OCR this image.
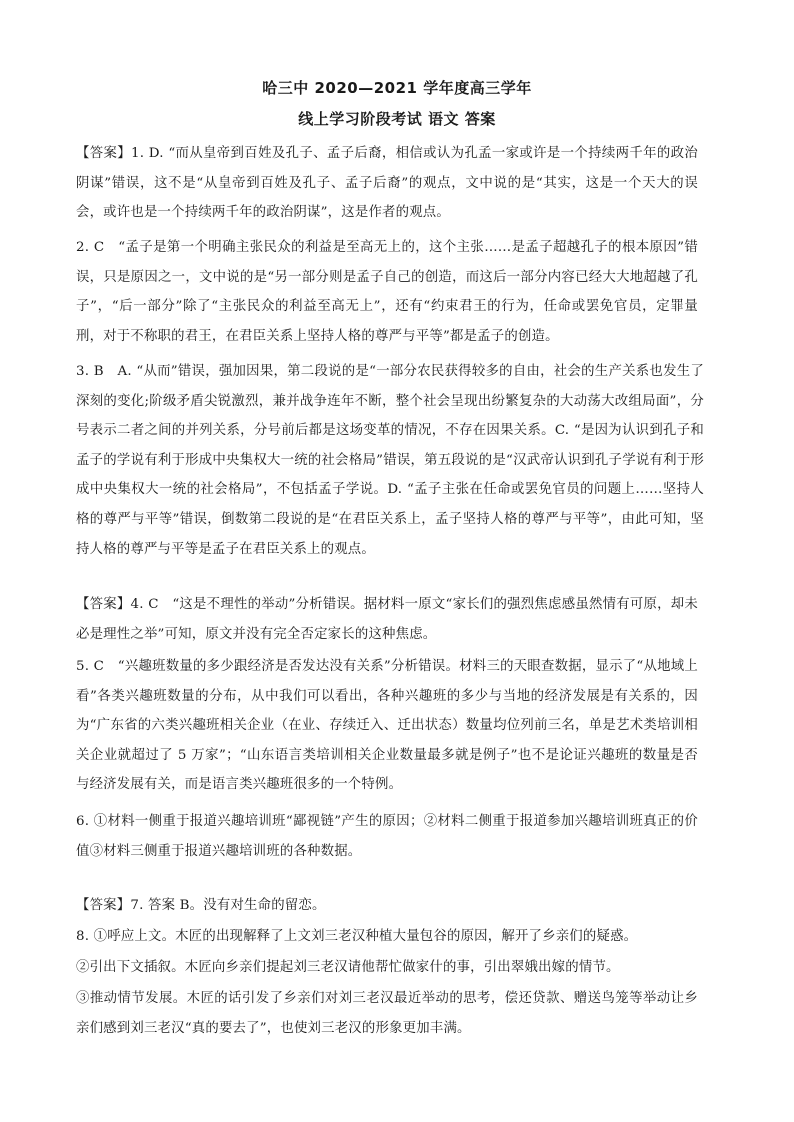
哈三中 2020—2021 学年度高三学年
线上学习阶段考试 语文 答案
【答案】1. D. “而从皇帝到百姓及孔子、孟子后裔，相信或认为孔孟一家或许是一个持续两千年的政治阴谋”错误，这不是“从皇帝到百姓及孔子、孟子后裔”的观点，文中说的是“其实，这是一个天大的误会，或许也是一个持续两千年的政治阴谋”，这是作者的观点。
2. C　“孟子是第一个明确主张民众的利益是至高无上的，这个主张……是孟子超越孔子的根本原因”错误，只是原因之一，文中说的是“另一部分则是孟子自己的创造，而这后一部分内容已经大大地超越了孔子”，“后一部分”除了“主张民众的利益至高无上”，还有“约束君王的行为，任命或罢免官员，定罪量刑，对于不称职的君王，在君臣关系上坚持人格的尊严与平等”都是孟子的创造。
3. B　A. “从而”错误，强加因果，第二段说的是“一部分农民获得较多的自由，社会的生产关系也发生了深刻的变化;阶级矛盾尖锐激烈，兼并战争连年不断，整个社会呈现出纷繁复杂的大动荡大改组局面”，分号表示二者之间的并列关系，分号前后都是这场变革的情况，不存在因果关系。C. “是因为认识到孔子和孟子的学说有利于形成中央集权大一统的社会格局”错误，第五段说的是“汉武帝认识到孔子学说有利于形成中央集权大一统的社会格局”，不包括孟子学说。D. “孟子主张在任命或罢免官员的问题上……坚持人格的尊严与平等”错误，倒数第二段说的是“在君臣关系上，孟子坚持人格的尊严与平等”，由此可知，坚持人格的尊严与平等是孟子在君臣关系上的观点。
【答案】4. C　“这是不理性的举动”分析错误。据材料一原文“家长们的强烈焦虑感虽然情有可原，却未必是理性之举”可知，原文并没有完全否定家长的这种焦虑。
5. C　“兴趣班数量的多少跟经济是否发达没有关系”分析错误。材料三的天眼查数据，显示了“从地域上看”各类兴趣班数量的分布，从中我们可以看出，各种兴趣班的多少与当地的经济发展是有关系的，因为“广东省的六类兴趣班相关企业（在业、存续迁入、迁出状态）数量均位列前三名，单是艺术类培训相关企业就超过了 5 万家”；“山东语言类培训相关企业数量最多就是例子”也不是论证兴趣班的数量是否与经济发展有关，而是语言类兴趣班很多的一个特例。
6. ①材料一侧重于报道兴趣培训班“鄙视链”产生的原因；②材料二侧重于报道参加兴趣培训班真正的价值③材料三侧重于报道兴趣培训班的各种数据。
【答案】7. 答案 B。没有对生命的留恋。
8. ①呼应上文。木匠的出现解释了上文刘三老汉种植大量包谷的原因，解开了乡亲们的疑惑。
②引出下文插叙。木匠向乡亲们提起刘三老汉请他帮忙做家什的事，引出翠娥出嫁的情节。
③推动情节发展。木匠的话引发了乡亲们对刘三老汉最近举动的思考，偿还贷款、赠送鸟笼等举动让乡亲们感到刘三老汉“真的要去了”，也使刘三老汉的形象更加丰满。
